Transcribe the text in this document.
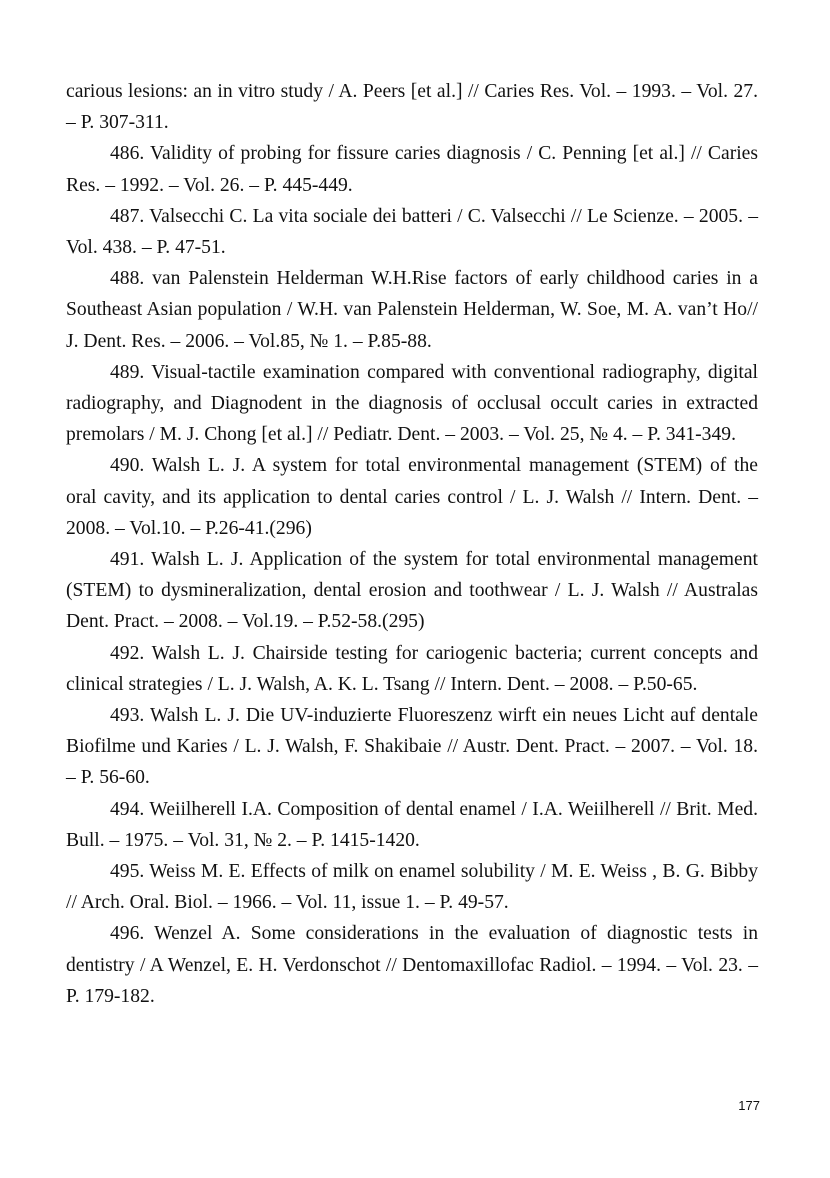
carious lesions: an in vitro study / A. Peers [et al.] // Caries Res. Vol. – 1993. – Vol. 27. – P. 307-311.

486. Validity of probing for fissure caries diagnosis / C. Penning [et al.] // Caries Res. – 1992. – Vol. 26. – P. 445-449.

487. Valsecchi C. La vita sociale dei batteri / C. Valsecchi // Le Scienze. – 2005. – Vol. 438. – P. 47-51.

488. van Palenstein Helderman W.H.Rise factors of early childhood caries in a Southeast Asian population / W.H. van Palenstein Helderman, W. Soe, M. A. van’t Ho// J. Dent. Res. – 2006. – Vol.85, № 1. – P.85-88.

489. Visual-tactile examination compared with conventional radiography, digital radiography, and Diagnodent in the diagnosis of occlusal occult caries in extracted premolars / M. J. Chong [et al.] // Pediatr. Dent. – 2003. – Vol. 25, № 4. – P. 341-349.

490. Walsh L. J. A system for total environmental management (STEM) of the oral cavity, and its application to dental caries control / L. J. Walsh // Intern. Dent. – 2008. – Vol.10. – P.26-41.(296)

491. Walsh L. J. Application of the system for total environmental management (STEM) to dysmineralization, dental erosion and toothwear / L. J. Walsh // Australas Dent. Pract. – 2008. – Vol.19. – P.52-58.(295)

492. Walsh L. J. Chairside testing for cariogenic bacteria; current concepts and clinical strategies / L. J. Walsh, A. K. L. Tsang // Intern. Dent. – 2008. – P.50-65.

493. Walsh L. J. Die UV-induzierte Fluoreszenz wirft ein neues Licht auf dentale Biofilme und Karies / L. J. Walsh, F. Shakibaie // Austr. Dent. Pract. – 2007. – Vol. 18. – P. 56-60.

494. Weiilherell I.A. Composition of dental enamel / I.A. Weiilherell // Brit. Med. Bull. – 1975. – Vol. 31, № 2. – P. 1415-1420.

495. Weiss M. E. Effects of milk on enamel solubility / M. E. Weiss , B. G. Bibby // Arch. Oral. Biol. – 1966. – Vol. 11, issue 1. – P. 49-57.

496. Wenzel A. Some considerations in the evaluation of diagnostic tests in dentistry / A Wenzel, E. H. Verdonschot // Dentomaxillofac Radiol. – 1994. – Vol. 23. – P. 179-182.

177
